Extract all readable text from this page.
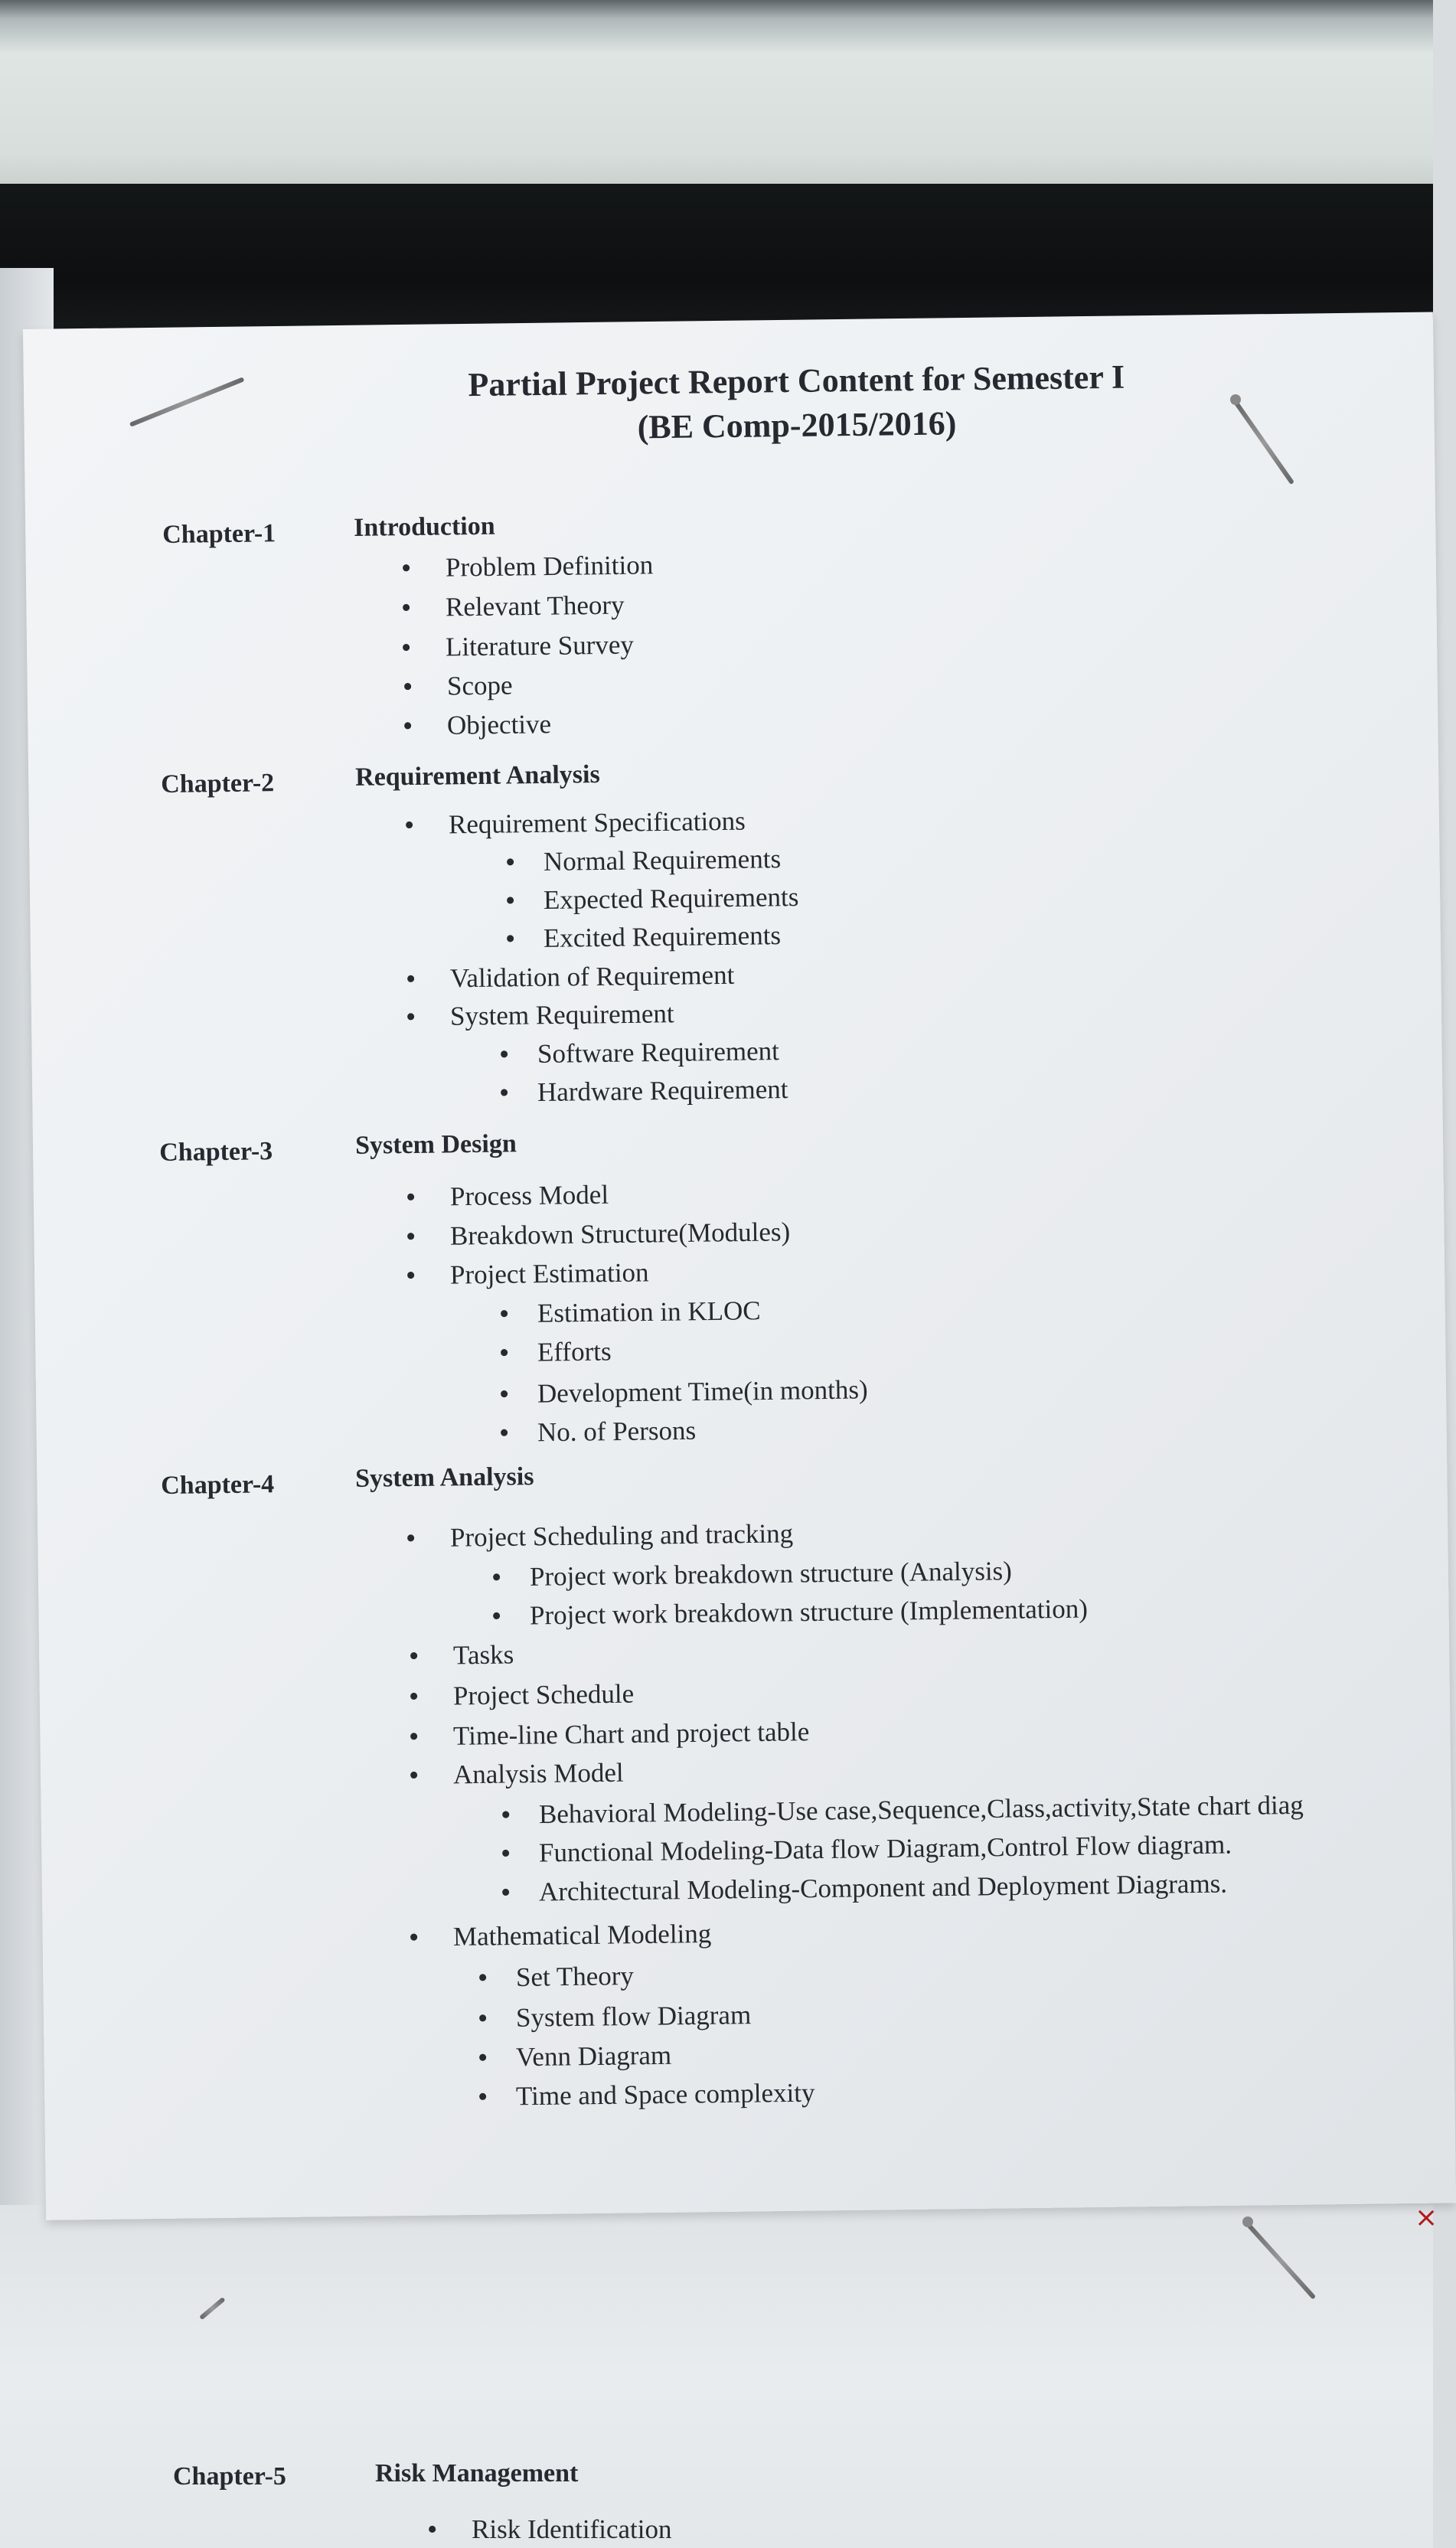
×
Partial Project Report Content for Semester I
(BE Comp-2015/2016)
Chapter-1	Introduction
• Problem Definition
• Relevant Theory
• Literature Survey
• Scope
• Objective
Chapter-2	Requirement Analysis
• Requirement Specifications
• Normal Requirements
• Expected Requirements
• Excited Requirements
• Validation of Requirement
• System Requirement
• Software Requirement
• Hardware Requirement
Chapter-3	System Design
• Process Model
• Breakdown Structure(Modules)
• Project Estimation
• Estimation in KLOC
• Efforts
• Development Time(in months)
• No. of Persons
Chapter-4	System Analysis
• Project Scheduling and tracking
• Project work breakdown structure (Analysis)
• Project work breakdown structure (Implementation)
• Tasks
• Project Schedule
• Time-line Chart and project table
• Analysis Model
• Behavioral Modeling-Use case,Sequence,Class,activity,State chart diag
• Functional Modeling-Data flow Diagram,Control Flow diagram.
• Architectural Modeling-Component and Deployment Diagrams.
• Mathematical Modeling
• Set Theory
• System flow Diagram
• Venn Diagram
• Time and Space complexity
Chapter-5	Risk Management
• Risk Identification
